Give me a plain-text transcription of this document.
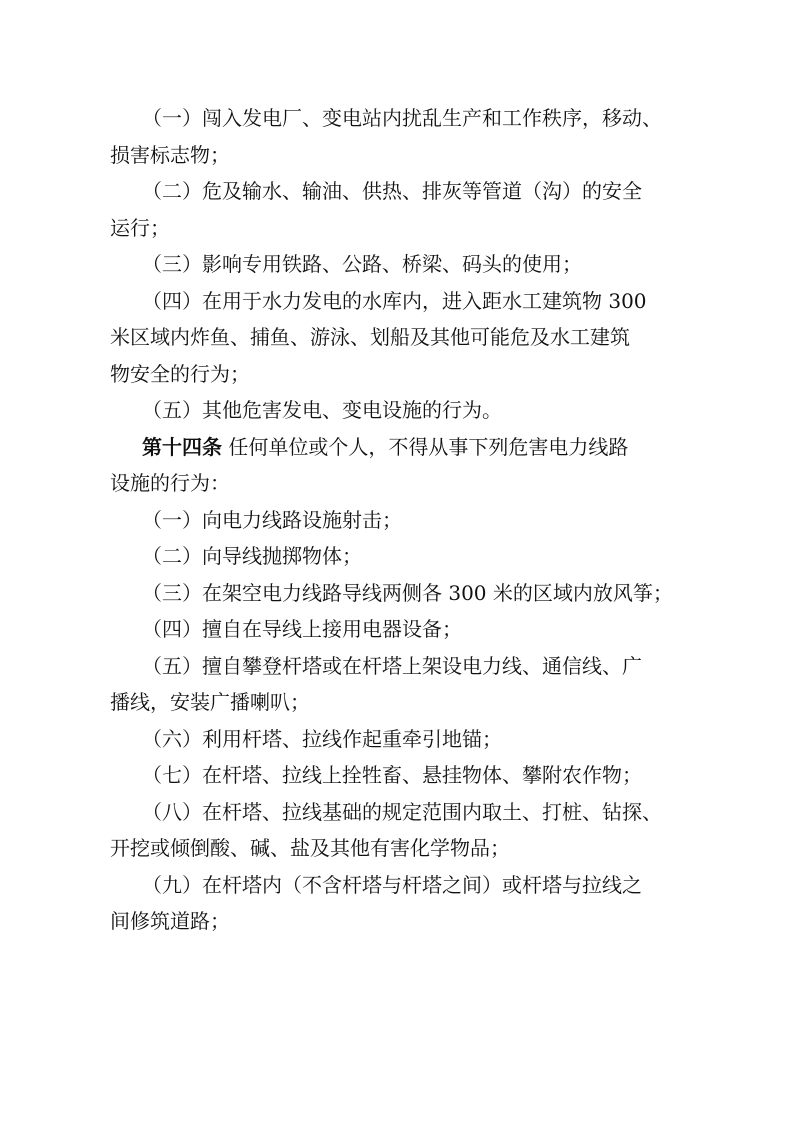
（一）闯入发电厂、变电站内扰乱生产和工作秩序，移动、
损害标志物；
（二）危及输水、输油、供热、排灰等管道（沟）的安全
运行；
（三）影响专用铁路、公路、桥梁、码头的使用；
（四）在用于水力发电的水库内，进入距水工建筑物 300
米区域内炸鱼、捕鱼、游泳、划船及其他可能危及水工建筑
物安全的行为；
（五）其他危害发电、变电设施的行为。
第十四条 任何单位或个人，不得从事下列危害电力线路
设施的行为：
（一）向电力线路设施射击；
（二）向导线抛掷物体；
（三）在架空电力线路导线两侧各 300 米的区域内放风筝；
（四）擅自在导线上接用电器设备；
（五）擅自攀登杆塔或在杆塔上架设电力线、通信线、广
播线，安装广播喇叭；
（六）利用杆塔、拉线作起重牵引地锚；
（七）在杆塔、拉线上拴牲畜、悬挂物体、攀附农作物；
（八）在杆塔、拉线基础的规定范围内取土、打桩、钻探、
开挖或倾倒酸、碱、盐及其他有害化学物品；
（九）在杆塔内（不含杆塔与杆塔之间）或杆塔与拉线之
间修筑道路；
